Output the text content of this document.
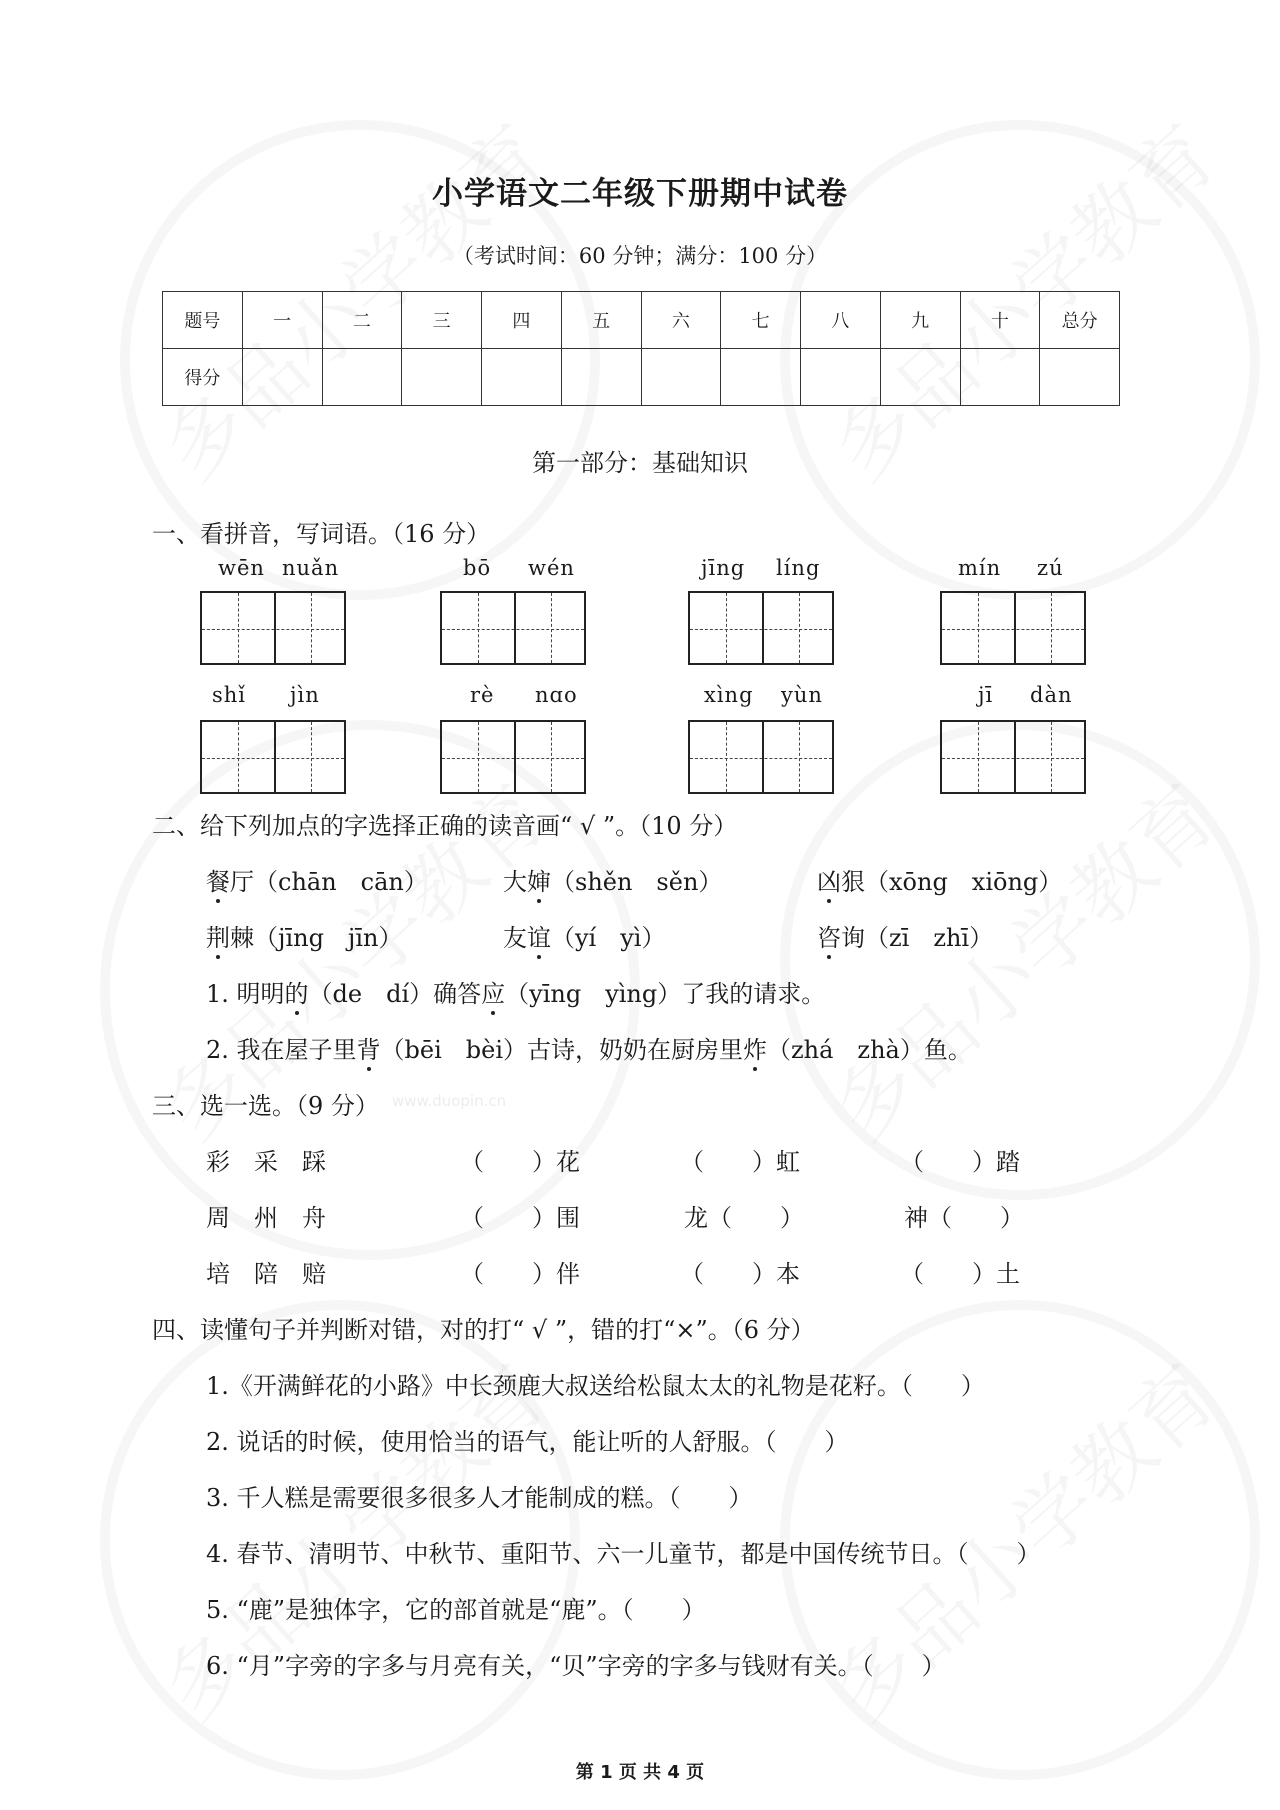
www.duopin.cn
小学语文二年级下册期中试卷
（考试时间：60 分钟；满分：100 分）
题号	一	二	三	四	五	六	七	八	九	十	总分
得分											
第一部分：基础知识
一、看拼音，写词语。（16 分）
wēn nuǎn	bō wén	jīng líng	mín zú
shǐ jìn	rè nɑo	xìng yùn	jī dàn
二、给下列加点的字选择正确的读音画“ √ ”。（10 分）
餐厅（chān　cān）	大婶（shěn　sěn）	凶狠（xōng　xiōng）
荆棘（jīng　jīn）	友谊（yí　yì）	咨询（zī　zhī）
1. 明明的（de　dí）确答应（yīng　yìng）了我的请求。
2. 我在屋子里背（bēi　bèi）古诗，奶奶在厨房里炸（zhá　zhà）鱼。
三、选一选。（9 分）
彩　采　踩	（　　）花	（　　）虹	（　　）踏
周　州　舟	（　　）围	龙（　　）	神（　　）
培　陪　赔	（　　）伴	（　　）本	（　　）土
四、读懂句子并判断对错，对的打“ √ ”，错的打“×”。（6 分）
1.《开满鲜花的小路》中长颈鹿大叔送给松鼠太太的礼物是花籽。（　　）
2. 说话的时候，使用恰当的语气，能让听的人舒服。（　　）
3. 千人糕是需要很多很多人才能制成的糕。（　　）
4. 春节、清明节、中秋节、重阳节、六一儿童节，都是中国传统节日。（　　）
5. “鹿”是独体字，它的部首就是“鹿”。（　　）
6. “月”字旁的字多与月亮有关，“贝”字旁的字多与钱财有关。（　　）
第 1 页 共 4 页
